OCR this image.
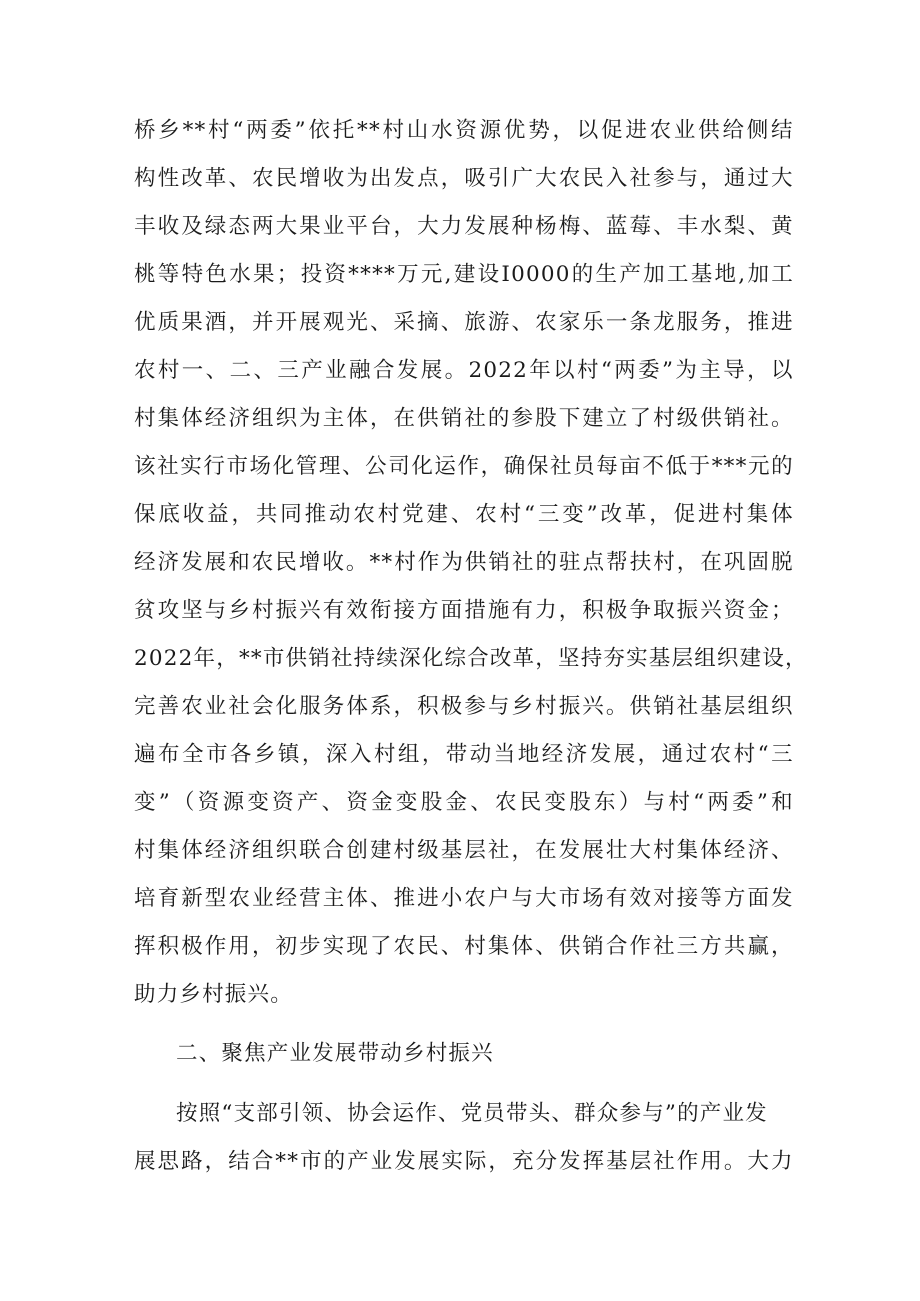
桥 乡 ** 村 “ 两 委 ” 依 托 ** 村 山 水 资 源 优 势 ， 以 促 进 农 业 供 给 侧 结
构 性 改 革 、 农 民 增 收 为 出 发 点 ， 吸 引 广 大 农 民 入 社 参 与 ， 通 过 大
丰 收 及 绿 态 两 大 果 业 平 台 ， 大 力 发 展 种 杨 梅 、 蓝 莓 、 丰 水 梨 、 黄
桃 等 特 色 水 果 ； 投 资 **** 万 元 , 建 设 I0000 的 生 产 加 工 基 地 , 加 工
优 质 果 酒 ， 并 开 展 观 光 、 采 摘 、 旅 游 、 农 家 乐 一 条 龙 服 务 ， 推 进
农 村 一 、 二 、 三 产 业 融 合 发 展 。 2022 年 以 村 “ 两 委 ” 为 主 导 ， 以
村 集 体 经 济 组 织 为 主 体 ， 在 供 销 社 的 参 股 下 建 立 了 村 级 供 销 社 。
该 社 实 行 市 场 化 管 理 、 公 司 化 运 作 ， 确 保 社 员 每 亩 不 低 于 *** 元 的
保 底 收 益 ， 共 同 推 动 农 村 党 建 、 农 村 “ 三 变 ” 改 革 ， 促 进 村 集 体
经 济 发 展 和 农 民 增 收 。 ** 村 作 为 供 销 社 的 驻 点 帮 扶 村 ， 在 巩 固 脱
贫 攻 坚 与 乡 村 振 兴 有 效 衔 接 方 面 措 施 有 力 ， 积 极 争 取 振 兴 资 金 ；
2022 年 ， ** 市 供 销 社 持 续 深 化 综 合 改 革 ， 坚 持 夯 实 基 层 组 织 建 设 ，
完 善 农 业 社 会 化 服 务 体 系 ， 积 极 参 与 乡 村 振 兴 。 供 销 社 基 层 组 织
遍 布 全 市 各 乡 镇 ， 深 入 村 组 ， 带 动 当 地 经 济 发 展 ， 通 过 农 村 “ 三
变 ” （ 资 源 变 资 产 、 资 金 变 股 金 、 农 民 变 股 东 ） 与 村 “ 两 委 ” 和
村 集 体 经 济 组 织 联 合 创 建 村 级 基 层 社 ， 在 发 展 壮 大 村 集 体 经 济 、
培 育 新 型 农 业 经 营 主 体 、 推 进 小 农 户 与 大 市 场 有 效 对 接 等 方 面 发
挥 积 极 作 用 ， 初 步 实 现 了 农 民 、 村 集 体 、 供 销 合 作 社 三 方 共 赢 ，
助力乡村振兴。
二、聚焦产业发展带动乡村振兴
按照“支部引领、协会运作、党员带头、群众参与”的产业发
展 思 路 ， 结 合 ** 市 的 产 业 发 展 实 际 ， 充 分 发 挥 基 层 社 作 用 。 大 力
